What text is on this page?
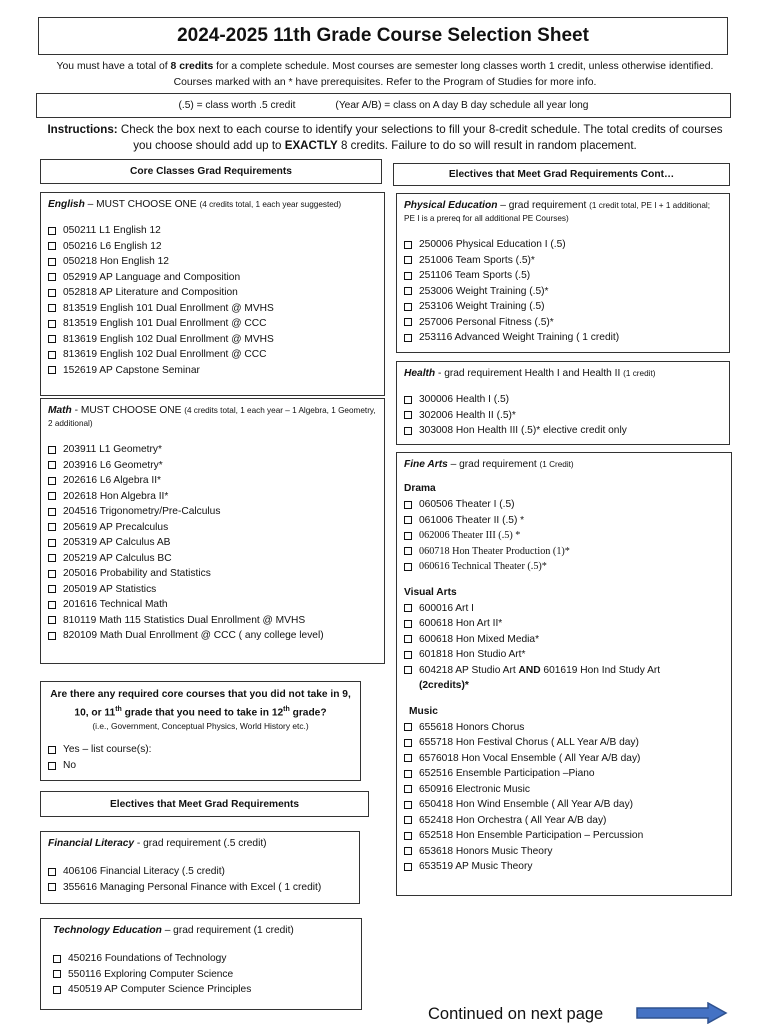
2024-2025 11th Grade Course Selection Sheet
You must have a total of 8 credits for a complete schedule. Most courses are semester long classes worth 1 credit, unless otherwise identified. Courses marked with an * have prerequisites. Refer to the Program of Studies for more info.
(.5) = class worth .5 credit	(Year A/B) = class on A day B day schedule all year long
Instructions: Check the box next to each course to identify your selections to fill your 8-credit schedule. The total credits of courses you choose should add up to EXACTLY 8 credits. Failure to do so will result in random placement.
Core Classes Grad Requirements
English – MUST CHOOSE ONE (4 credits total, 1 each year suggested)
050211 L1 English 12
050216 L6 English 12
050218 Hon English 12
052919 AP Language and Composition
052818 AP Literature and Composition
813519 English 101 Dual Enrollment @ MVHS
813519 English 101 Dual Enrollment @ CCC
813619 English 102 Dual Enrollment @ MVHS
813619 English 102 Dual Enrollment @ CCC
152619 AP Capstone Seminar
Math - MUST CHOOSE ONE (4 credits total, 1 each year – 1 Algebra, 1 Geometry, 2 additional)
203911 L1 Geometry*
203916 L6 Geometry*
202616 L6 Algebra II*
202618 Hon Algebra II*
204516 Trigonometry/Pre-Calculus
205619 AP Precalculus
205319 AP Calculus AB
205219 AP Calculus BC
205016 Probability and Statistics
205019 AP Statistics
201616 Technical Math
810119 Math 115 Statistics Dual Enrollment @ MVHS
820109 Math Dual Enrollment @ CCC ( any college level)
Are there any required core courses that you did not take in 9, 10, or 11th grade that you need to take in 12th grade?
(i.e., Government, Conceptual Physics, World History etc.)
Yes – list course(s):
No
Electives that Meet Grad Requirements
Financial Literacy - grad requirement (.5 credit)
406106 Financial Literacy (.5 credit)
355616 Managing Personal Finance with Excel ( 1 credit)
Technology Education – grad requirement (1 credit)
450216 Foundations of Technology
550116 Exploring Computer Science
450519 AP Computer Science Principles
Electives that Meet Grad Requirements Cont…
Physical Education – grad requirement (1 credit total, PE I + 1 additional; PE I is a prereq for all additional PE Courses)
250006 Physical Education I (.5)
251006 Team Sports (.5)*
251106 Team Sports (.5)
253006 Weight Training (.5)*
253106 Weight Training (.5)
257006 Personal Fitness (.5)*
253116 Advanced Weight Training ( 1 credit)
Health - grad requirement Health I and Health II (1 credit)
300006 Health I (.5)
302006 Health II (.5)*
303008 Hon Health III (.5)* elective credit only
Fine Arts – grad requirement (1 Credit)
Drama
060506 Theater I (.5)
061006 Theater II (.5) *
062006 Theater III (.5) *
060718 Hon Theater Production (1)*
060616 Technical Theater (.5)*
Visual Arts
600016 Art I
600618 Hon Art II*
600618 Hon Mixed Media*
601818 Hon Studio Art*
604218 AP Studio Art AND 601619 Hon Ind Study Art
(2credits)*
Music
655618 Honors Chorus
655718 Hon Festival Chorus ( ALL Year A/B day)
6576018 Hon Vocal Ensemble ( All Year A/B day)
652516 Ensemble Participation –Piano
650916 Electronic Music
650418 Hon Wind Ensemble ( All Year A/B day)
652418 Hon Orchestra ( All Year A/B day)
652518 Hon Ensemble Participation – Percussion
653618 Honors Music Theory
653519 AP Music Theory
Continued on next page
